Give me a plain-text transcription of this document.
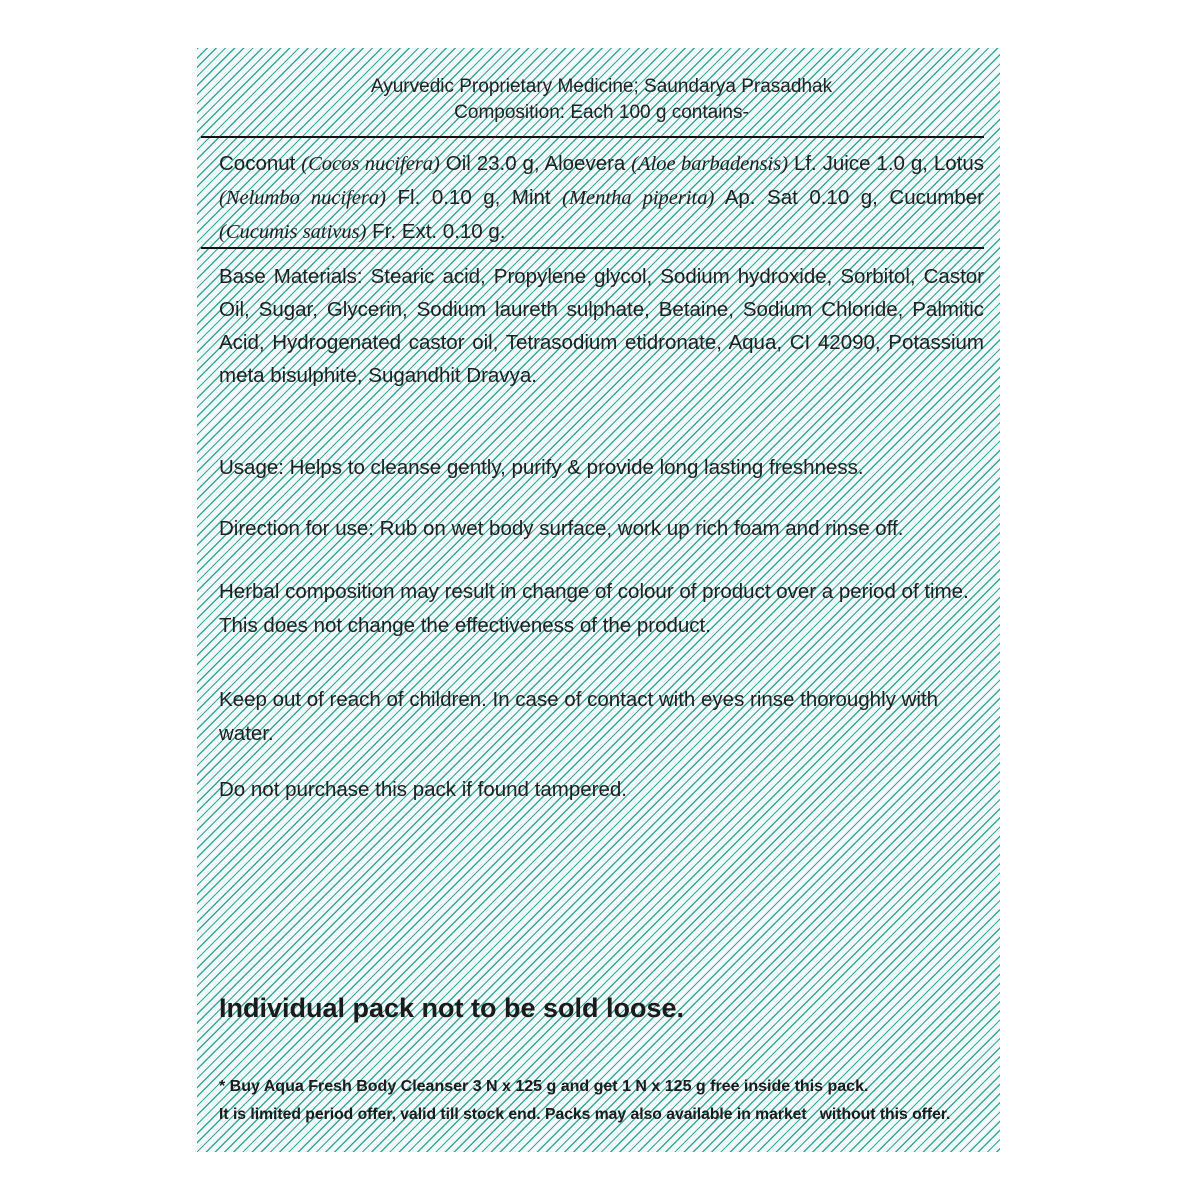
Ayurvedic Proprietary Medicine; Saundarya Prasadhak
Composition: Each 100 g contains-
Coconut (Cocos nucifera) Oil 23.0 g, Aloevera (Aloe barbadensis) Lf. Juice 1.0 g, Lotus (Nelumbo nucifera) Fl. 0.10 g, Mint (Mentha piperita) Ap. Sat 0.10 g, Cucumber (Cucumis sativus) Fr. Ext. 0.10 g.
Base Materials: Stearic acid, Propylene glycol, Sodium hydroxide, Sorbitol, Castor Oil, Sugar, Glycerin, Sodium laureth sulphate, Betaine, Sodium Chloride, Palmitic Acid, Hydrogenated castor oil, Tetrasodium etidronate, Aqua, CI 42090, Potassium meta bisulphite, Sugandhit Dravya.
Usage: Helps to cleanse gently, purify & provide long lasting freshness.
Direction for use: Rub on wet body surface, work up rich foam and rinse off.
Herbal composition may result in change of colour of product over a period of time. This does not change the effectiveness of the product.
Keep out of reach of children. In case of contact with eyes rinse thoroughly with water.
Do not purchase this pack if found tampered.
Individual pack not to be sold loose.
* Buy Aqua Fresh Body Cleanser 3 N x 125 g and get 1 N x 125 g free inside this pack.
It is limited period offer, valid till stock end. Packs may also available in market   without this offer.
